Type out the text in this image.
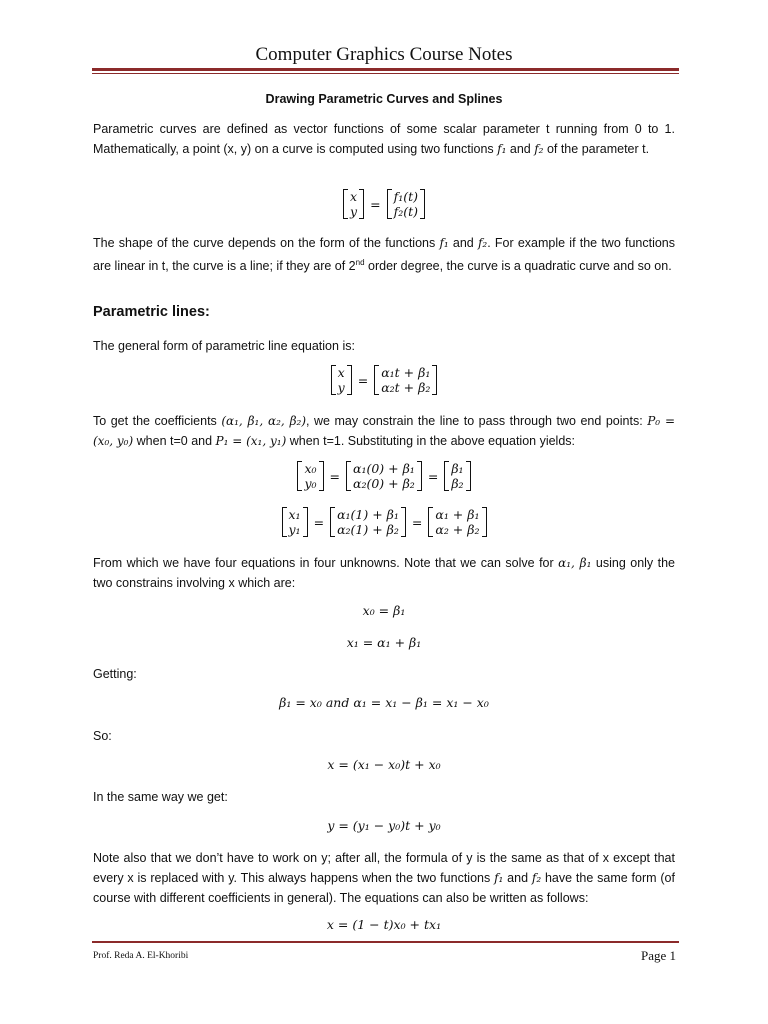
Computer Graphics Course Notes
Drawing Parametric Curves and Splines
Parametric curves are defined as vector functions of some scalar parameter t running from 0 to 1. Mathematically, a point (x, y) on a curve is computed using two functions 𝑓₁ and 𝑓₂ of the parameter t.
x
y = f₁(t)
f₂(t)
The shape of the curve depends on the form of the functions 𝑓₁ and 𝑓₂. For example if the two functions are linear in t, the curve is a line; if they are of 2nd order degree, the curve is a quadratic curve and so on.
Parametric lines:
The general form of parametric line equation is:
x
y = α₁t + β₁
α₂t + β₂
To get the coefficients (α₁, β₁, α₂, β₂), we may constrain the line to pass through two end points: P₀ = (x₀, y₀) when t=0 and P₁ = (x₁, y₁) when t=1. Substituting in the above equation yields:
x₀
y₀ = α₁(0) + β₁
α₂(0) + β₂ = β₁
β₂
x₁
y₁ = α₁(1) + β₁
α₂(1) + β₂ = α₁ + β₁
α₂ + β₂
From which we have four equations in four unknowns. Note that we can solve for α₁, β₁ using only the two constrains involving x which are:
x₀ = β₁
x₁ = α₁ + β₁
Getting:
β₁ = x₀ and α₁ = x₁ − β₁ = x₁ − x₀
So:
x = (x₁ − x₀)t + x₀
In the same way we get:
y = (y₁ − y₀)t + y₀
Note also that we don’t have to work on y; after all, the formula of y is the same as that of x except that every x is replaced with y. This always happens when the two functions 𝑓₁ and 𝑓₂ have the same form (of course with different coefficients in general). The equations can also be written as follows:
x = (1 − t)x₀ + tx₁
Prof. Reda A. El-Khoribi	Page 1
